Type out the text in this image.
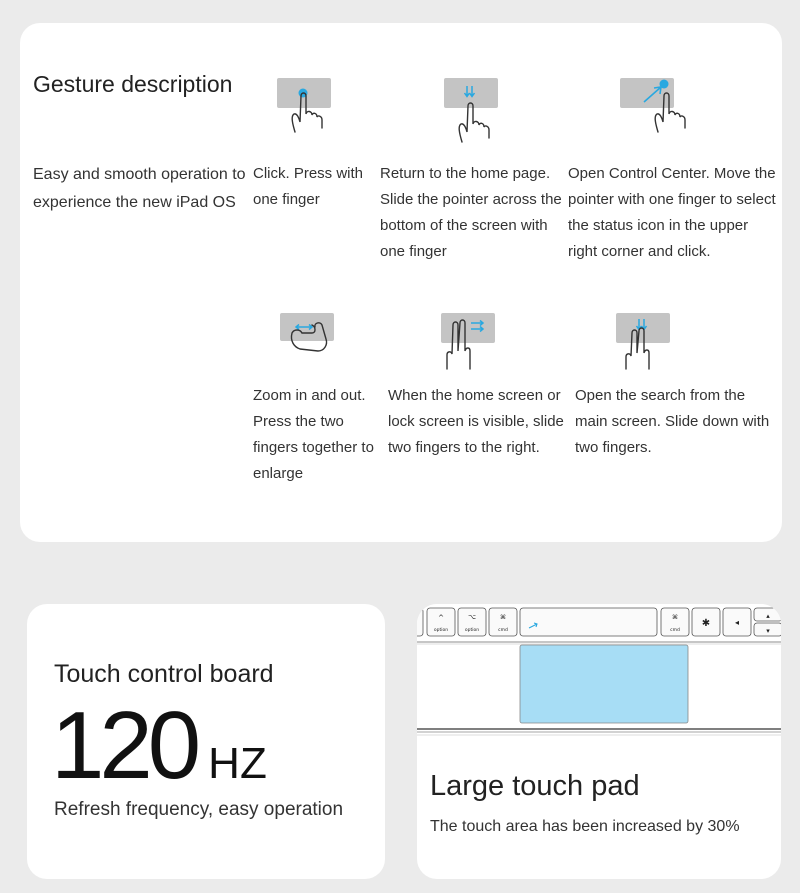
Gesture description
Easy and smooth operation to experience the new iPad OS
Click. Press with one finger
Return to the home page. Slide the pointer across the bottom of the screen with one finger
Open Control Center. Move the pointer with one finger to select the status icon in the upper right corner and click.
Zoom in and out. Press the two fingers together to enlarge
When the home screen or lock screen is visible, slide two fingers to the right.
Open the search from the main screen. Slide down with two fingers.
Touch control board
120 HZ
Refresh frequency, easy operation
^
option
⌥
option
⌘
cmd
⌘
cmd
✱	◂
▴
▾
Large touch pad
The touch area has been increased by 30%
